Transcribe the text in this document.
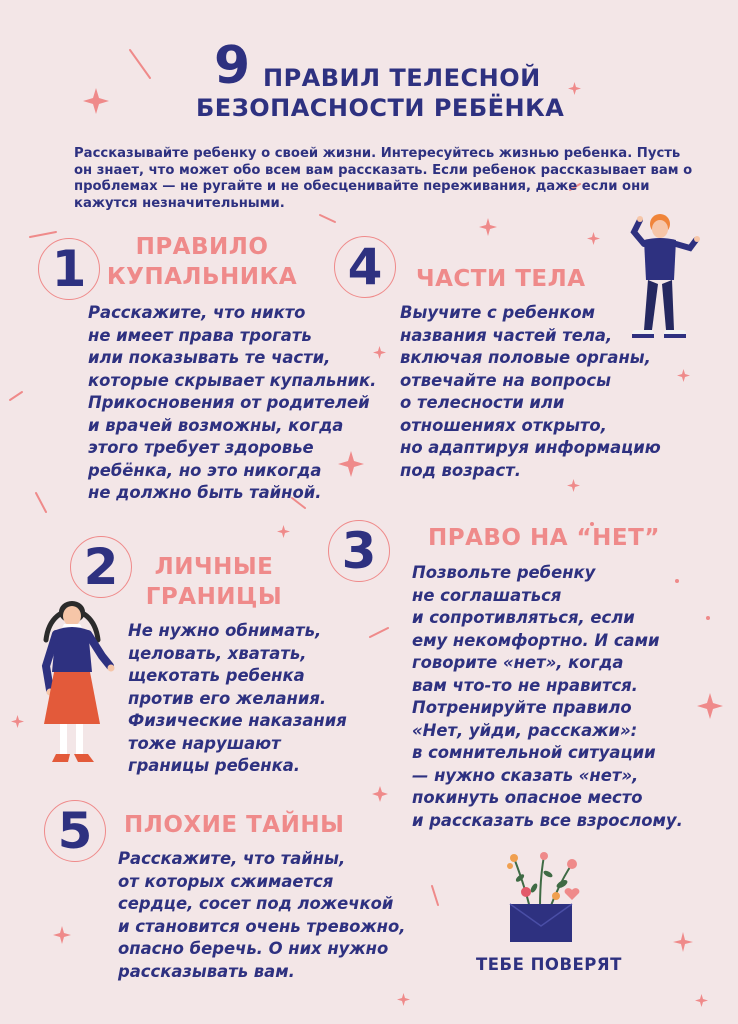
9 ПРАВИЛ ТЕЛЕСНОЙ
БЕЗОПАСНОСТИ РЕБЁНКА
Рассказывайте ребенку о своей жизни. Интересуйтесь жизнью ребенка. Пусть он знает, что может обо всем вам рассказать. Если ребенок рассказывает вам о проблемах — не ругайте и не обесценивайте переживания, даже если они кажутся незначительными.
1	ПРАВИЛО
КУПАЛЬНИКА
Расскажите, что никто
не имеет права трогать
или показывать те части,
которые скрывает купальник.
Прикосновения от родителей
и врачей возможны, когда
этого требует здоровье
ребёнка, но это никогда
не должно быть тайной.
4	ЧАСТИ ТЕЛА
Выучите с ребенком
названия частей тела,
включая половые органы,
отвечайте на вопросы
о телесности или
отношениях открыто,
но адаптируя информацию
под возраст.
2	ЛИЧНЫЕ
ГРАНИЦЫ
Не нужно обнимать,
целовать, хватать,
щекотать ребенка
против его желания.
Физические наказания
тоже нарушают
границы ребенка.
3	ПРАВО НА “НЕТ”
Позвольте ребенку
не соглашаться
и сопротивляться, если
ему некомфортно. И сами
говорите «нет», когда
вам что-то не нравится.
Потренируйте правило
«Нет, уйди, расскажи»:
в сомнительной ситуации
— нужно сказать «нет»,
покинуть опасное место
и рассказать все взрослому.
5	ПЛОХИЕ ТАЙНЫ
Расскажите, что тайны,
от которых сжимается
сердце, сосет под ложечкой
и становится очень тревожно,
опасно беречь. О них нужно
рассказывать вам.	ТЕБЕ ПОВЕРЯТ
